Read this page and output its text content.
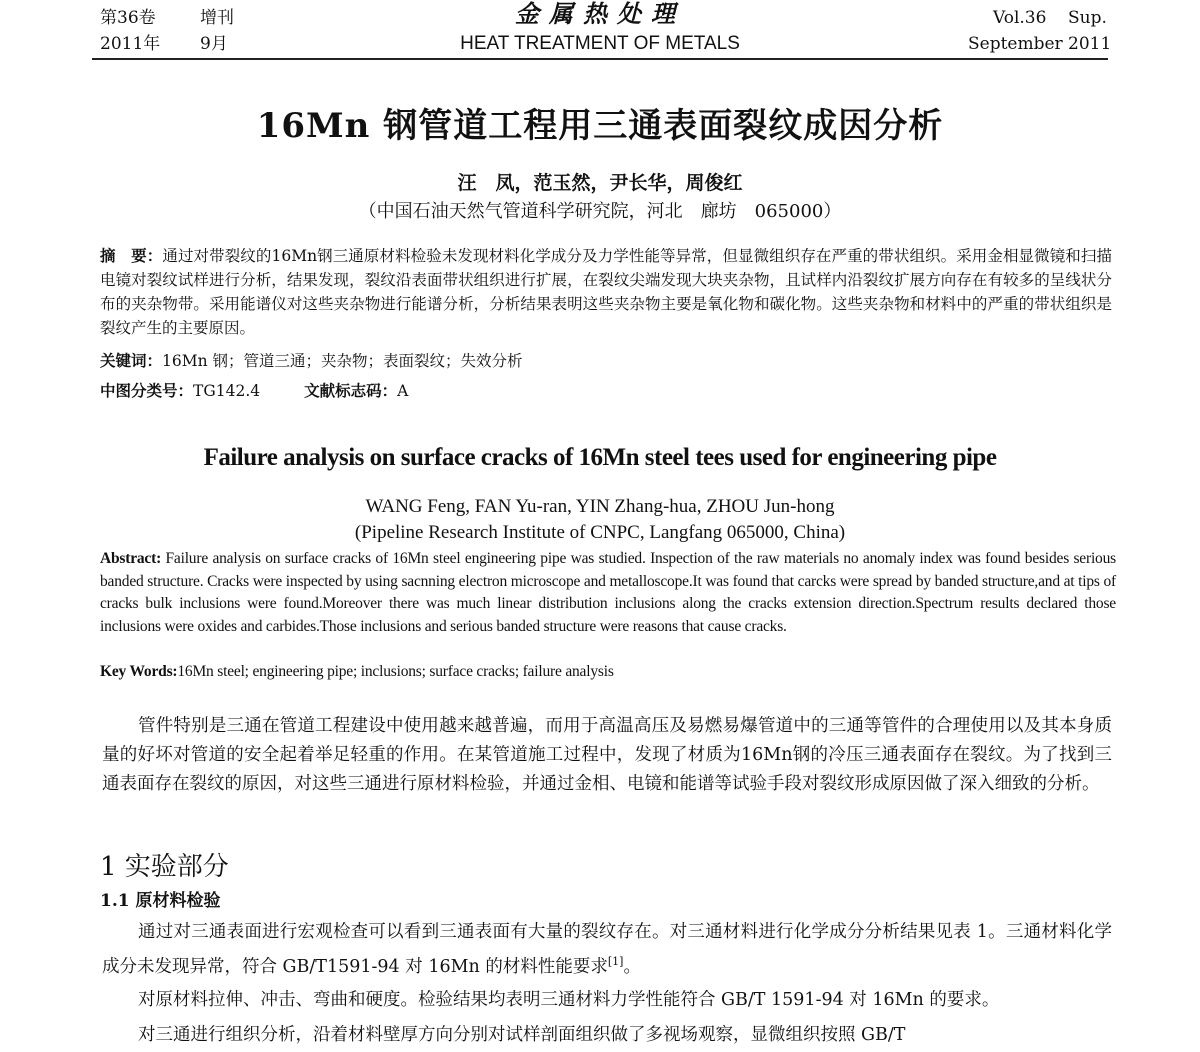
第36卷	增刊
2011年 9月
金属热处理
HEAT TREATMENT OF METALS
Vol.36 Sup.
September 2011
16Mn 钢管道工程用三通表面裂纹成因分析
汪　凤，范玉然，尹长华，周俊红
（中国石油天然气管道科学研究院，河北　廊坊　065000）
摘　要：通过对带裂纹的16Mn钢三通原材料检验未发现材料化学成分及力学性能等异常，但显微组织存在严重的带状组织。采用金相显微镜和扫描电镜对裂纹试样进行分析，结果发现，裂纹沿表面带状组织进行扩展，在裂纹尖端发现大块夹杂物，且试样内沿裂纹扩展方向存在有较多的呈线状分布的夹杂物带。采用能谱仪对这些夹杂物进行能谱分析，分析结果表明这些夹杂物主要是氧化物和碳化物。这些夹杂物和材料中的严重的带状组织是裂纹产生的主要原因。
关键词：16Mn 钢；管道三通；夹杂物；表面裂纹；失效分析
中图分类号：TG142.4	文献标志码：A
Failure analysis on surface cracks of 16Mn steel tees used for engineering pipe
WANG Feng, FAN Yu-ran, YIN Zhang-hua, ZHOU Jun-hong
(Pipeline Research Institute of CNPC, Langfang 065000, China)
Abstract: Failure analysis on surface cracks of 16Mn steel engineering pipe was studied. Inspection of the raw materials no anomaly index was found besides serious banded structure. Cracks were inspected by using sacnning electron microscope and metalloscope.It was found that carcks were spread by banded structure,and at tips of cracks bulk inclusions were found.Moreover there was much linear distribution inclusions along the cracks extension direction.Spectrum results declared those inclusions were oxides and carbides.Those inclusions and serious banded structure were reasons that cause cracks.
Key Words:16Mn steel; engineering pipe; inclusions; surface cracks; failure analysis
管件特别是三通在管道工程建设中使用越来越普遍，而用于高温高压及易燃易爆管道中的三通等管件的合理使用以及其本身质量的好坏对管道的安全起着举足轻重的作用。在某管道施工过程中，发现了材质为16Mn钢的冷压三通表面存在裂纹。为了找到三通表面存在裂纹的原因，对这些三通进行原材料检验，并通过金相、电镜和能谱等试验手段对裂纹形成原因做了深入细致的分析。
1 实验部分
1.1 原材料检验
通过对三通表面进行宏观检查可以看到三通表面有大量的裂纹存在。对三通材料进行化学成分分析结果见表 1。三通材料化学成分未发现异常，符合 GB/T1591-94 对 16Mn 的材料性能要求[1]。
对原材料拉伸、冲击、弯曲和硬度。检验结果均表明三通材料力学性能符合 GB/T 1591-94 对 16Mn 的要求。
对三通进行组织分析，沿着材料壁厚方向分别对试样剖面组织做了多视场观察，显微组织按照 GB/T
